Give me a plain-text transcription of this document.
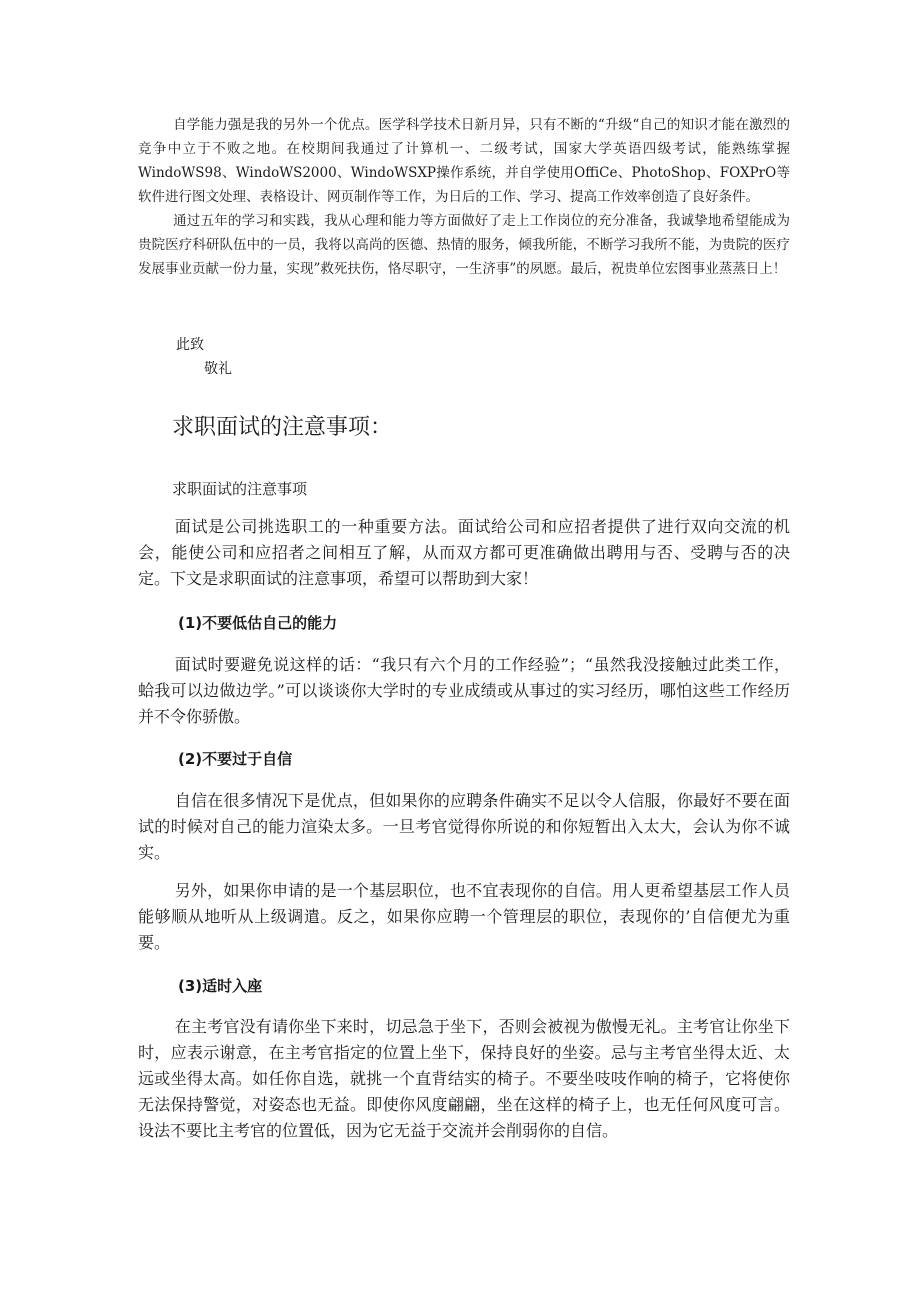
自学能力强是我的另外一个优点。医学科学技术日新月异，只有不断的“升级“自己的知识才能在激烈的竞争中立于不败之地。在校期间我通过了计算机一、二级考试，国家大学英语四级考试，能熟练掌握WindoWS98、WindoWS2000、WindoWSXP操作系统，并自学使用OffiCe、PhotoShop、FOXPrO等软件进行图文处理、表格设计、网页制作等工作，为日后的工作、学习、提高工作效率创造了良好条件。

通过五年的学习和实践，我从心理和能力等方面做好了走上工作岗位的充分准备，我诚挚地希望能成为贵院医疗科研队伍中的一员，我将以高尚的医德、热情的服务，倾我所能，不断学习我所不能，为贵院的医疗发展事业贡献一份力量，实现”救死扶伤，恪尽职守，一生济事”的夙愿。最后，祝贵单位宏图事业蒸蒸日上！

此致
敬礼
求职面试的注意事项：
求职面试的注意事项

面试是公司挑选职工的一种重要方法。面试给公司和应招者提供了进行双向交流的机会，能使公司和应招者之间相互了解，从而双方都可更准确做出聘用与否、受聘与否的决定。下文是求职面试的注意事项，希望可以帮助到大家！

(1)不要低估自己的能力

面试时要避免说这样的话：“我只有六个月的工作经验”；“虽然我没接触过此类工作，蛤我可以边做边学。”可以谈谈你大学时的专业成绩或从事过的实习经历，哪怕这些工作经历并不令你骄傲。

(2)不要过于自信

自信在很多情况下是优点，但如果你的应聘条件确实不足以令人信服，你最好不要在面试的时候对自己的能力渲染太多。一旦考官觉得你所说的和你短暂出入太大，会认为你不诚实。

另外，如果你申请的是一个基层职位，也不宜表现你的自信。用人更希望基层工作人员能够顺从地听从上级调遣。反之，如果你应聘一个管理层的职位，表现你的’自信便尤为重要。

(3)适时入座

在主考官没有请你坐下来时，切忌急于坐下，否则会被视为傲慢无礼。主考官让你坐下时，应表示谢意，在主考官指定的位置上坐下，保持良好的坐姿。忌与主考官坐得太近、太远或坐得太高。如任你自选，就挑一个直背结实的椅子。不要坐吱吱作响的椅子，它将使你无法保持警觉，对姿态也无益。即使你风度翩翩，坐在这样的椅子上，也无任何风度可言。设法不要比主考官的位置低，因为它无益于交流并会削弱你的自信。
